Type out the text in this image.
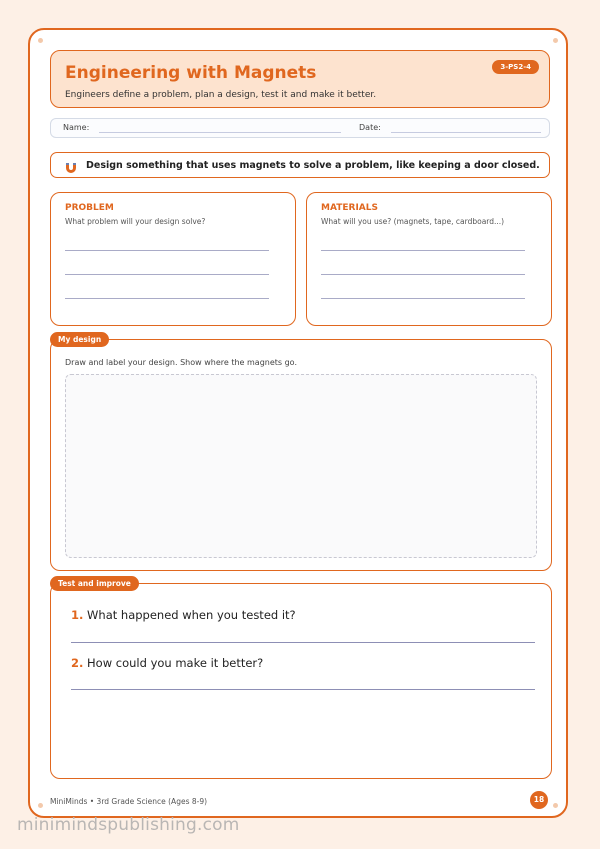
Engineering with Magnets
Engineers define a problem, plan a design, test it and make it better.
3-PS2-4
Name:	Date:
Design something that uses magnets to solve a problem, like keeping a door closed.
PROBLEM
What problem will your design solve?
MATERIALS
What will you use? (magnets, tape, cardboard...)
My design
Draw and label your design. Show where the magnets go.
Test and improve
1. What happened when you tested it?
2. How could you make it better?
MiniMinds • 3rd Grade Science (Ages 8-9)	18
minimindspublishing.com
